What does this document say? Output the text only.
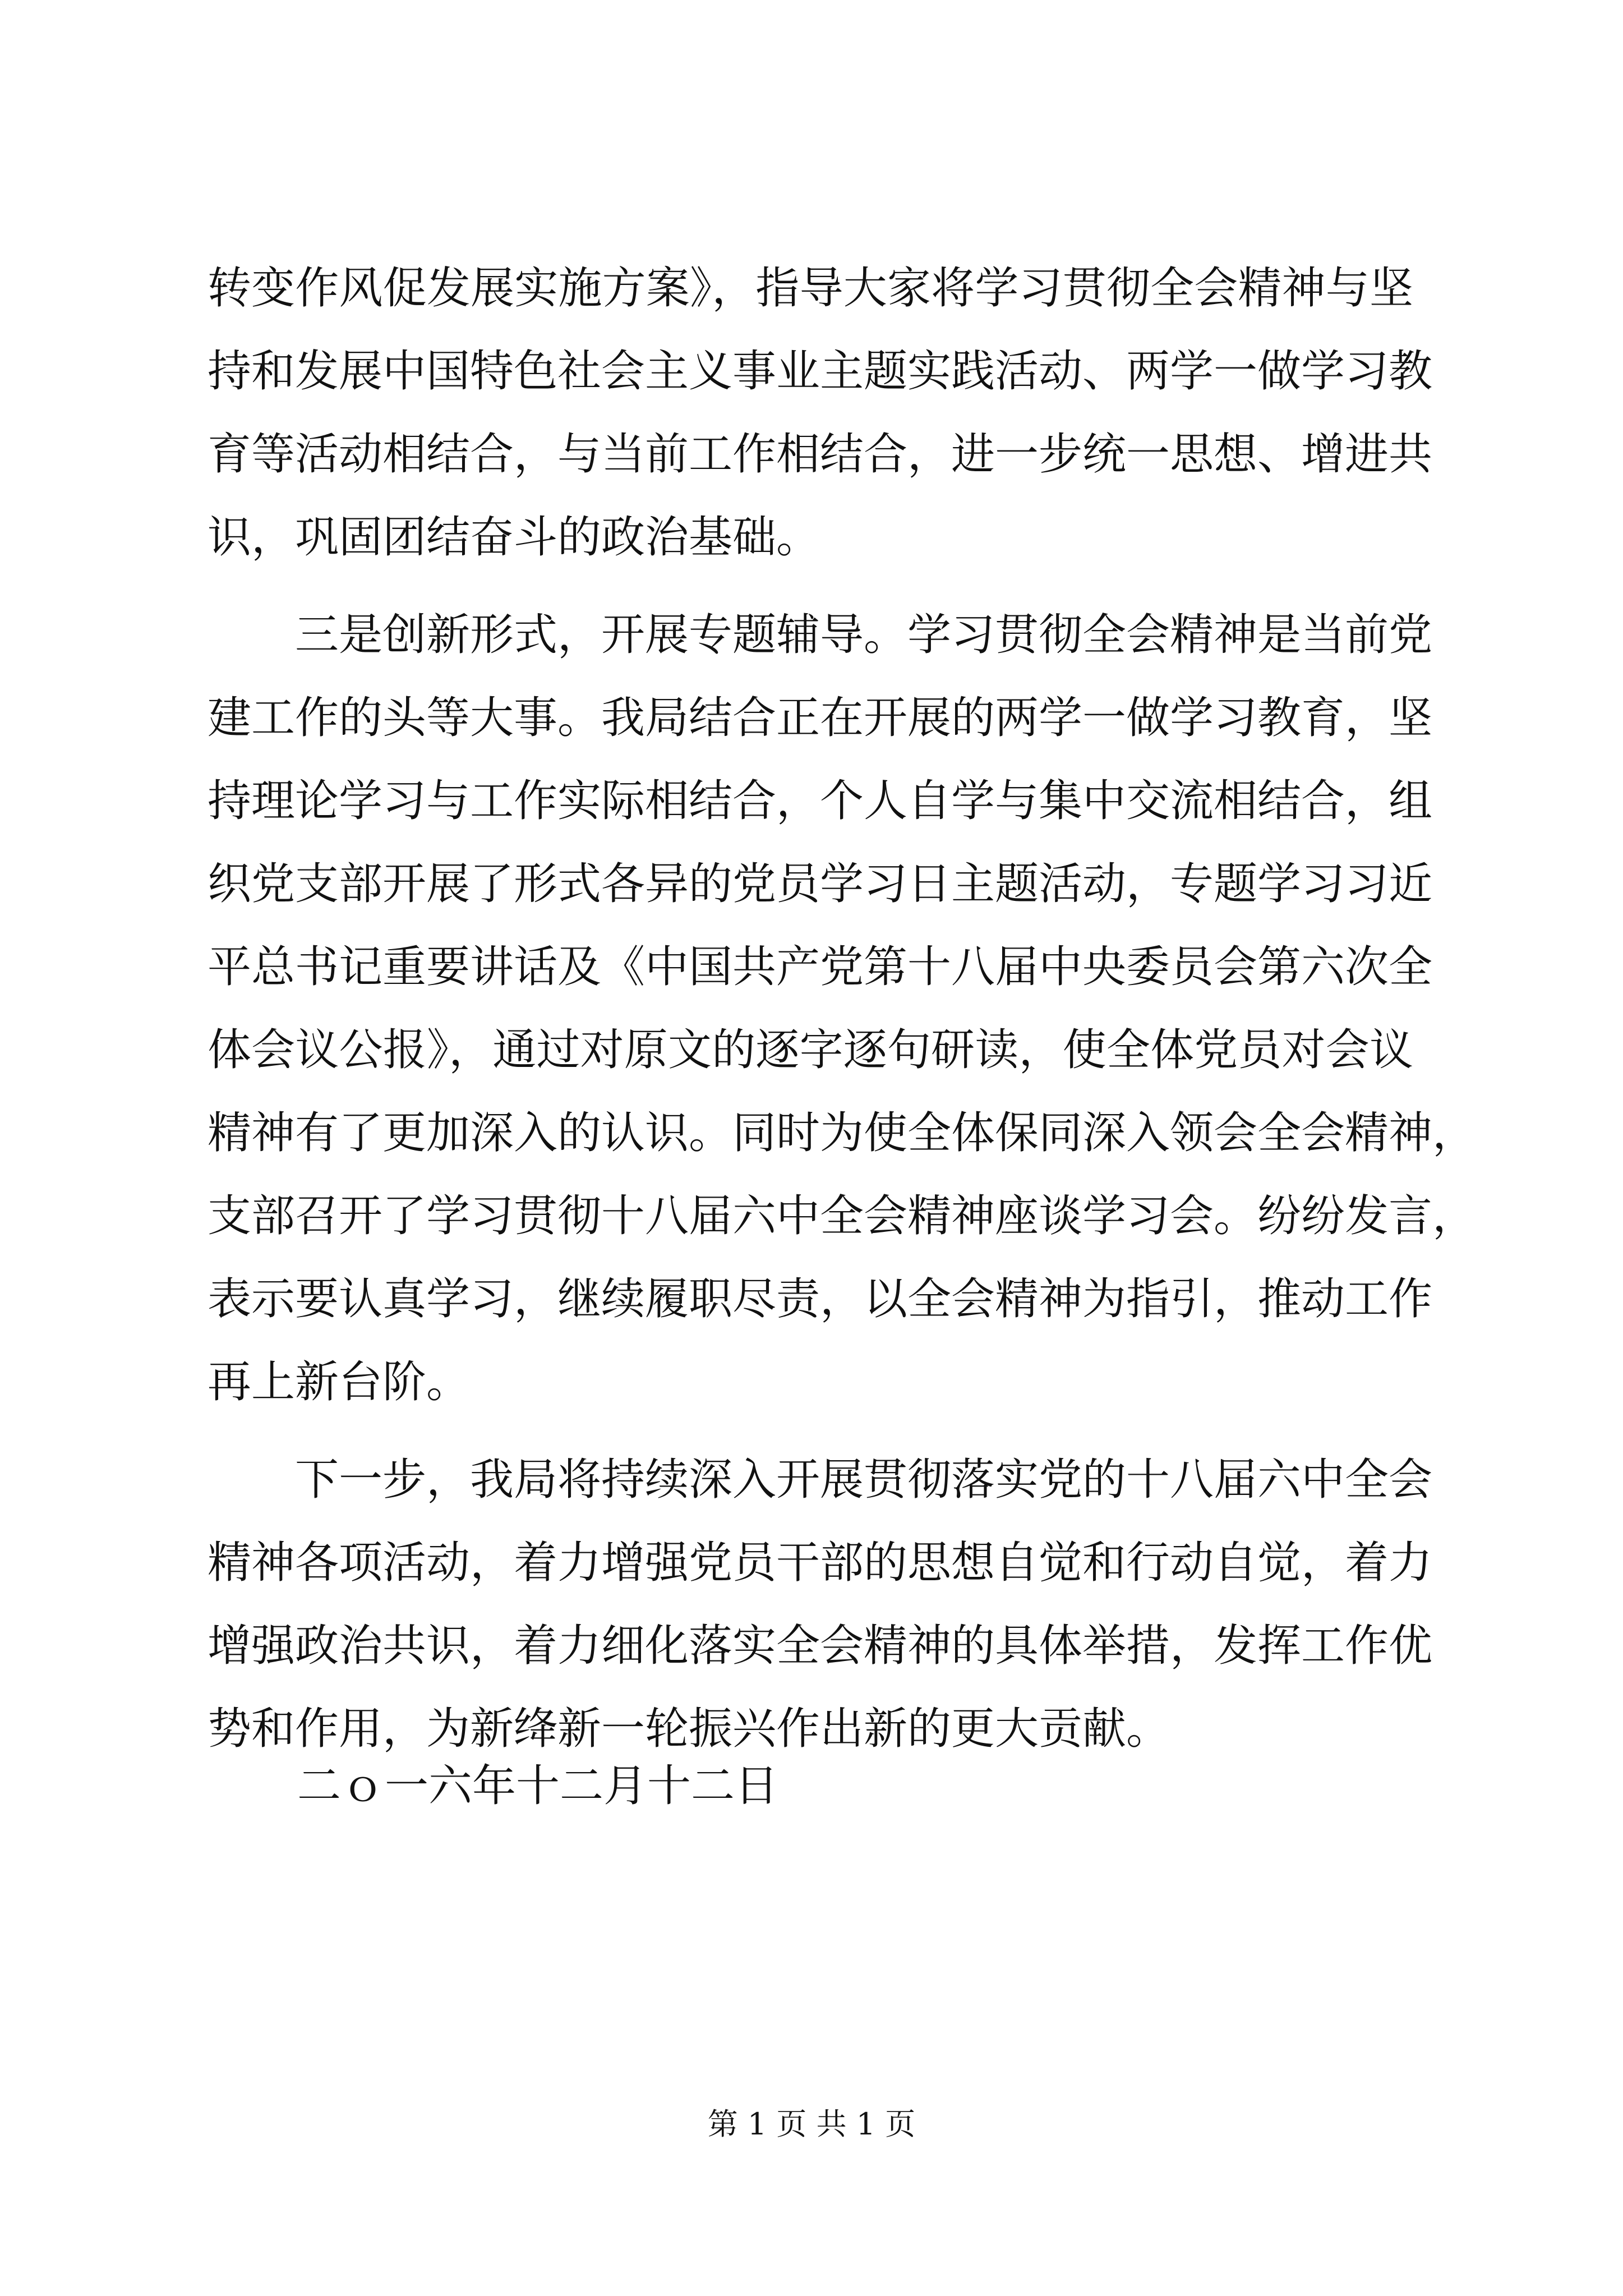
转变作风促发展实施方案》，指导大家将学习贯彻全会精神与坚
持和发展中国特色社会主义事业主题实践活动、两学一做学习教
育等活动相结合，与当前工作相结合，进一步统一思想、增进共
识，巩固团结奋斗的政治基础。
　　三是创新形式，开展专题辅导。学习贯彻全会精神是当前党
建工作的头等大事。我局结合正在开展的两学一做学习教育，坚
持理论学习与工作实际相结合，个人自学与集中交流相结合，组
织党支部开展了形式各异的党员学习日主题活动，专题学习习近
平总书记重要讲话及《中国共产党第十八届中央委员会第六次全
体会议公报》，通过对原文的逐字逐句研读，使全体党员对会议
精神有了更加深入的认识。同时为使全体保同深入领会全会精神，
支部召开了学习贯彻十八届六中全会精神座谈学习会。纷纷发言，
表示要认真学习，继续履职尽责，以全会精神为指引，推动工作
再上新台阶。
　　下一步，我局将持续深入开展贯彻落实党的十八届六中全会
精神各项活动，着力增强党员干部的思想自觉和行动自觉，着力
增强政治共识，着力细化落实全会精神的具体举措，发挥工作优
势和作用，为新绛新一轮振兴作出新的更大贡献。
二ｏ一六年十二月十二日
第 1 页 共 1 页
